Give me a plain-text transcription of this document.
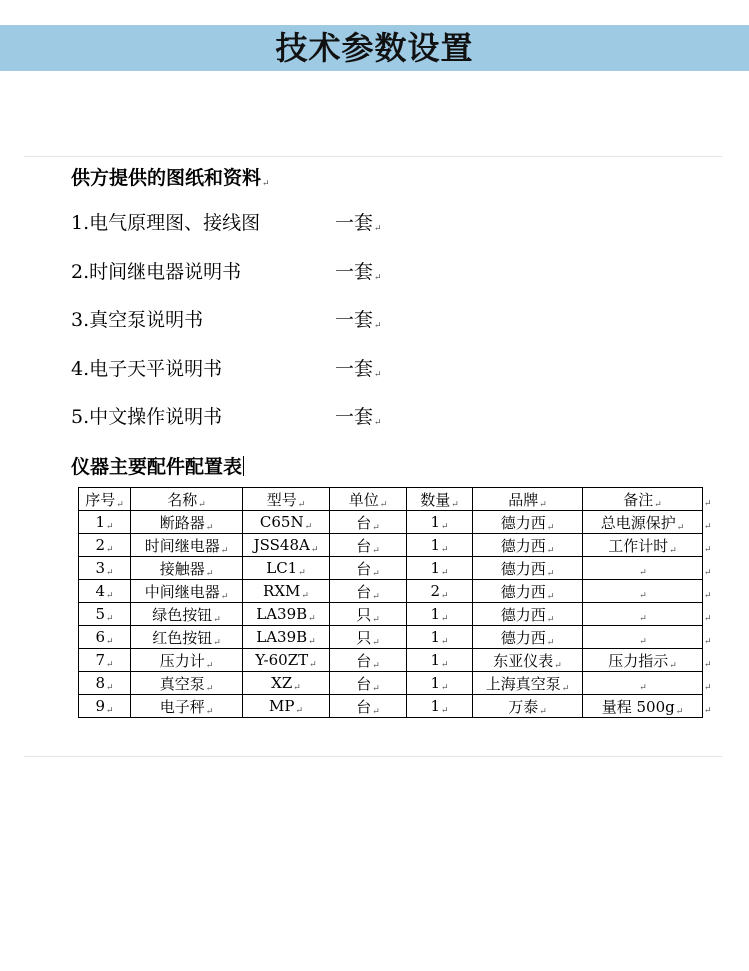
技术参数设置
供方提供的图纸和资料↵
1.电气原理图、接线图	一套↵
2.时间继电器说明书	一套↵
3.真空泵说明书	一套↵
4.电子天平说明书	一套↵
5.中文操作说明书	一套↵
仪器主要配件配置表
序号↵	名称↵	型号↵	单位↵	数量↵	品牌↵	备注↵	↵
1↵	断路器↵	C65N↵	台↵	1↵	德力西↵	总电源保护↵	↵
2↵	时间继电器↵	JSS48A↵	台↵	1↵	德力西↵	工作计时↵	↵
3↵	接触器↵	LC1↵	台↵	1↵	德力西↵	↵	↵
4↵	中间继电器↵	RXM↵	台↵	2↵	德力西↵	↵	↵
5↵	绿色按钮↵	LA39B↵	只↵	1↵	德力西↵	↵	↵
6↵	红色按钮↵	LA39B↵	只↵	1↵	德力西↵	↵	↵
7↵	压力计↵	Y-60ZT↵	台↵	1↵	东亚仪表↵	压力指示↵	↵
8↵	真空泵↵	XZ↵	台↵	1↵	上海真空泵↵	↵	↵
9↵	电子秤↵	MP↵	台↵	1↵	万泰↵	量程 500g↵	↵
